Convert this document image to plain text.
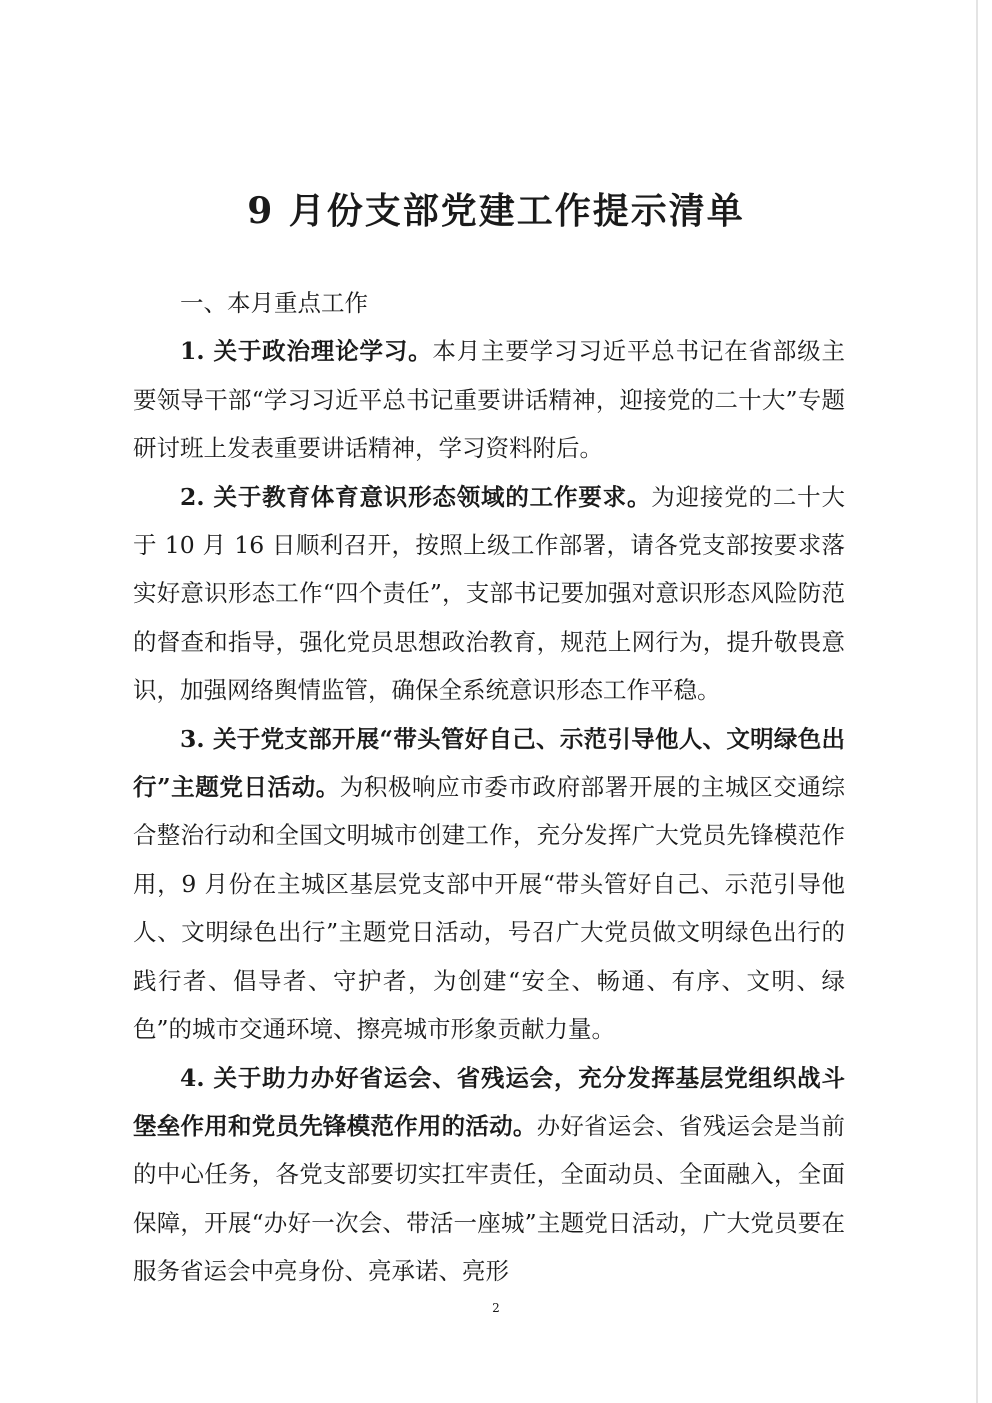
9 月份支部党建工作提示清单

一、本月重点工作

1. 关于政治理论学习。本月主要学习习近平总书记在省部级主要领导干部“学习习近平总书记重要讲话精神，迎接党的二十大”专题研讨班上发表重要讲话精神，学习资料附后。

2. 关于教育体育意识形态领域的工作要求。为迎接党的二十大于 10 月 16 日顺利召开，按照上级工作部署，请各党支部按要求落实好意识形态工作“四个责任”，支部书记要加强对意识形态风险防范的督查和指导，强化党员思想政治教育，规范上网行为，提升敬畏意识，加强网络舆情监管，确保全系统意识形态工作平稳。

3. 关于党支部开展“带头管好自己、示范引导他人、文明绿色出行”主题党日活动。为积极响应市委市政府部署开展的主城区交通综合整治行动和全国文明城市创建工作，充分发挥广大党员先锋模范作用，9 月份在主城区基层党支部中开展“带头管好自己、示范引导他人、文明绿色出行”主题党日活动，号召广大党员做文明绿色出行的践行者、倡导者、守护者，为创建“安全、畅通、有序、文明、绿色”的城市交通环境、擦亮城市形象贡献力量。

4. 关于助力办好省运会、省残运会，充分发挥基层党组织战斗堡垒作用和党员先锋模范作用的活动。办好省运会、省残运会是当前的中心任务，各党支部要切实扛牢责任，全面动员、全面融入，全面保障，开展“办好一次会、带活一座城”主题党日活动，广大党员要在服务省运会中亮身份、亮承诺、亮形

2
